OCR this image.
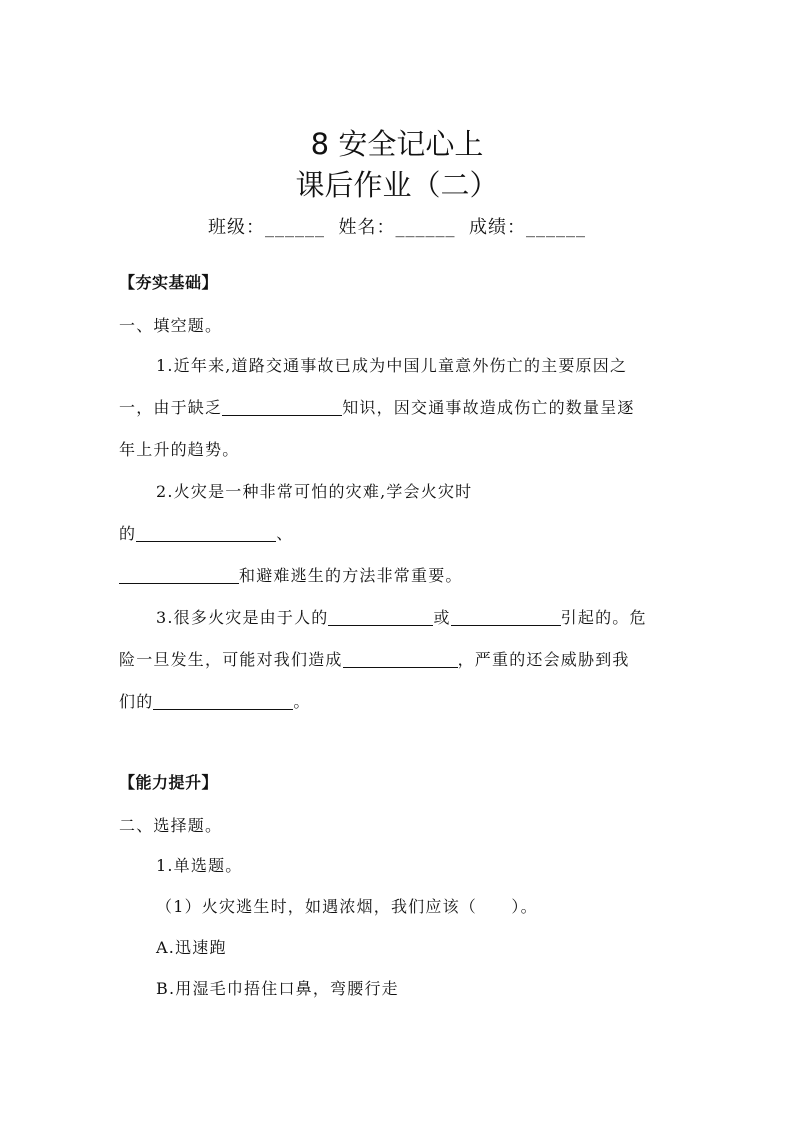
8 安全记心上
课后作业（二）
班级：______ 姓名：______ 成绩：______
【夯实基础】
一、填空题。
1.近年来,道路交通事故已成为中国儿童意外伤亡的主要原因之
一，由于缺乏	知识，因交通事故造成伤亡的数量呈逐
年上升的趋势。
2.火灾是一种非常可怕的灾难,学会火灾时
的	、
和避难逃生的方法非常重要。
3.很多火灾是由于人的	或	引起的。危
险一旦发生，可能对我们造成	，严重的还会威胁到我
们的	。
【能力提升】
二、选择题。
1.单选题。
（1）火灾逃生时，如遇浓烟，我们应该（　　）。
A.迅速跑
B.用湿毛巾捂住口鼻，弯腰行走
